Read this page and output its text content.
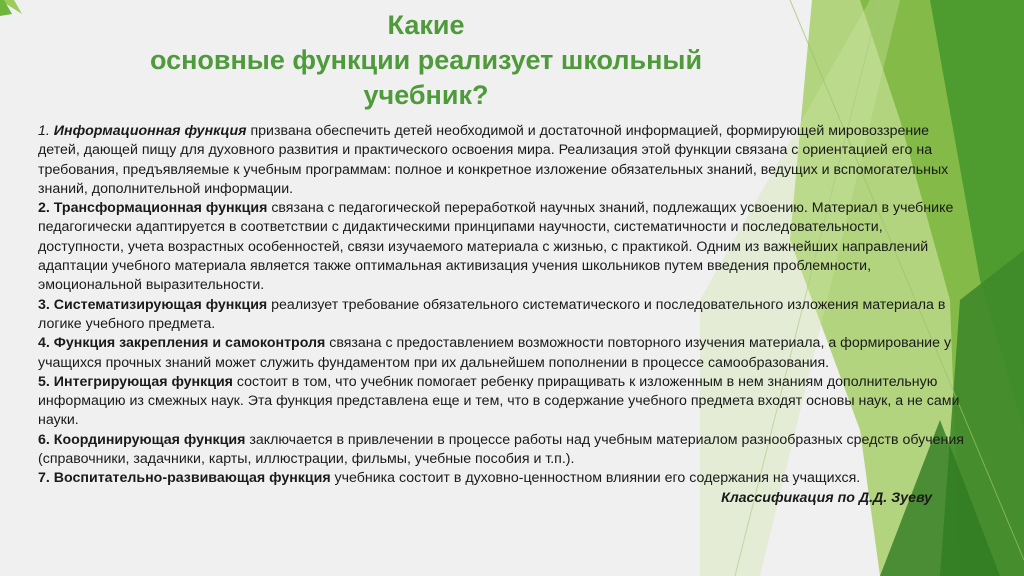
Какие
основные функции реализует школьный
учебник?

1. Информационная функция призвана обеспечить детей необходимой и достаточной информацией, формирующей мировоззрение детей, дающей пищу для духовного развития и практического освоения мира. Реализация этой функции связана с ориентацией его на требования, предъявляемые к учебным программам: полное и конкретное изложение обязательных знаний, ведущих и вспомогательных знаний, дополнительной информации.

2. Трансформационная функция связана с педагогической переработкой научных знаний, подлежащих усвоению. Материал в учебнике педагогически адаптируется в соответствии с дидактическими принципами научности, систематичности и последовательности, доступности, учета возрастных особенностей, связи изучаемого материала с жизнью, с практикой. Одним из важнейших направлений адаптации учебного материала является также оптимальная активизация учения школьников путем введения проблемности, эмоциональной выразительности.

3. Систематизирующая функция реализует требование обязательного систематического и последовательного изложения материала в логике учебного предмета.

4. Функция закрепления и самоконтроля связана с предоставлением возможности повторного изучения материала, а формирование у учащихся прочных знаний может служить фундаментом при их дальнейшем пополнении в процессе самообразования.

5. Интегрирующая функция состоит в том, что учебник помогает ребенку приращивать к изложенным в нем знаниям дополнительную информацию из смежных наук. Эта функция представлена еще и тем, что в содержание учебного предмета входят основы наук, а не сами науки.

6. Координирующая функция заключается в привлечении в процессе работы над учебным материалом разнообразных средств обучения (справочники, задачники, карты, иллюстрации, фильмы, учебные пособия и т.п.).

7. Воспитательно-развивающая функция учебника состоит в духовно-ценностном влиянии его содержания на учащихся.

Классификация по Д.Д. Зуеву
